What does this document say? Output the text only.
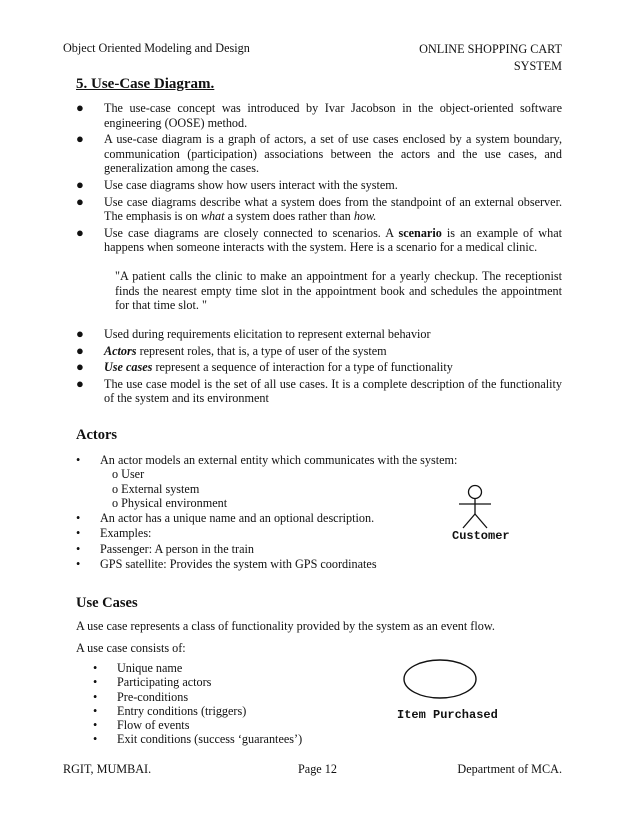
Object Oriented Modeling and Design	ONLINE SHOPPING CART
SYSTEM
5. Use-Case Diagram.
● The use-case concept was introduced by Ivar Jacobson in the object-oriented software engineering (OOSE) method.
● A use-case diagram is a graph of actors, a set of use cases enclosed by a system boundary, communication (participation) associations between the actors and the use cases, and generalization among the cases.
● Use case diagrams show how users interact with the system.
● Use case diagrams describe what a system does from the standpoint of an external observer. The emphasis is on what a system does rather than how.
● Use case diagrams are closely connected to scenarios. A scenario is an example of what happens when someone interacts with the system. Here is a scenario for a medical clinic.
"A patient calls the clinic to make an appointment for a yearly checkup. The receptionist finds the nearest empty time slot in the appointment book and schedules the appointment for that time slot. "
● Used during requirements elicitation to represent external behavior
● Actors represent roles, that is, a type of user of the system
● Use cases represent a sequence of interaction for a type of functionality
● The use case model is the set of all use cases. It is a complete description of the functionality of the system and its environment
Actors
• An actor models an external entity which communicates with the system:
o User
o External system
o Physical environment
• An actor has a unique name and an optional description.
• Examples:
• Passenger: A person in the train
• GPS satellite: Provides the system with GPS coordinates
Customer
Use Cases

A use case represents a class of functionality provided by the system as an event flow.

A use case consists of:

• Unique name
• Participating actors
• Pre-conditions
• Entry conditions (triggers)
• Flow of events
• Exit conditions (success ‘guarantees’)
Item Purchased
RGIT, MUMBAI.	Page 12	Department of MCA.
